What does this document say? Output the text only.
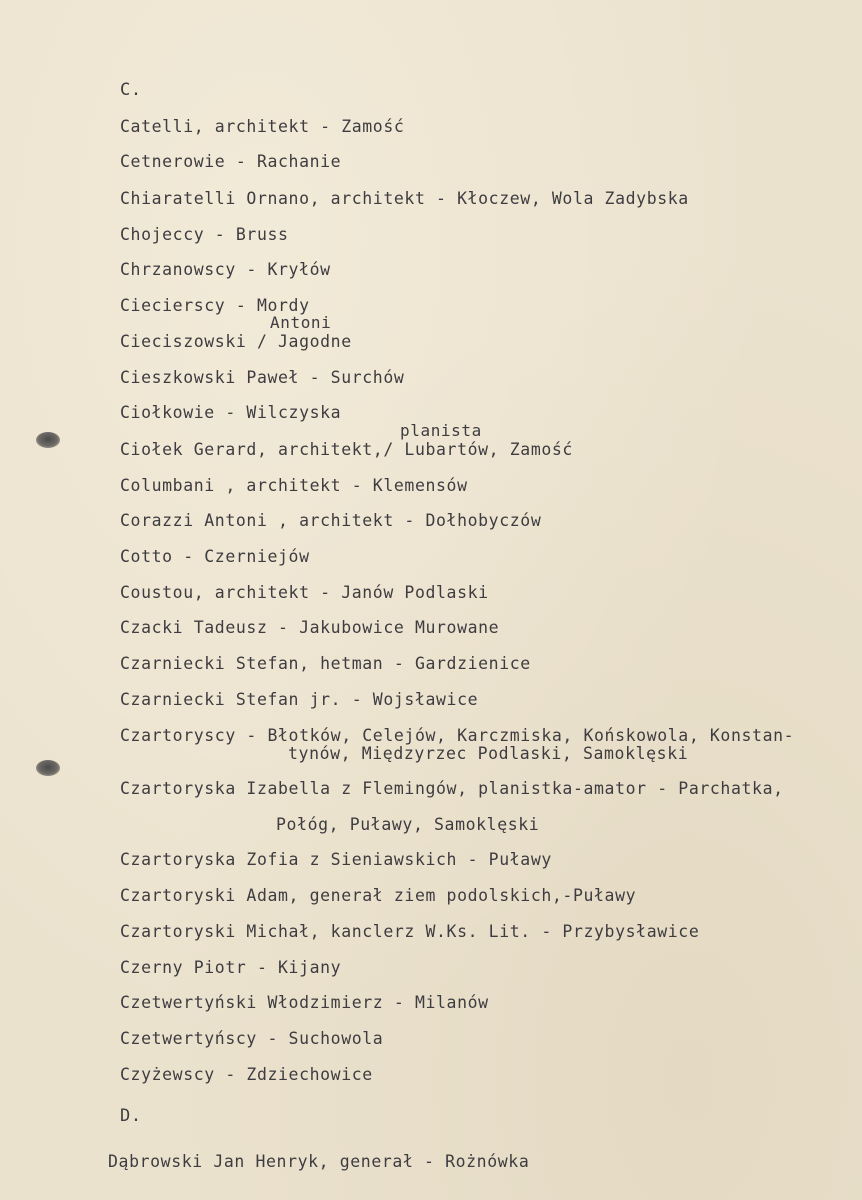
C.
Catelli, architekt - Zamość
Cetnerowie - Rachanie
Chiaratelli Ornano, architekt - Kłoczew, Wola Zadybska
Chojeccy - Bruss
Chrzanowscy - Kryłów
Ciecierscy - Mordy
Antoni
Cieciszowski / Jagodne
Cieszkowski Paweł - Surchów
Ciołkowie - Wilczyska
planista
Ciołek Gerard, architekt,/ Lubartów, Zamość
Columbani , architekt - Klemensów
Corazzi Antoni , architekt - Dołhobyczów
Cotto - Czerniejów
Coustou, architekt - Janów Podlaski
Czacki Tadeusz - Jakubowice Murowane
Czarniecki Stefan, hetman - Gardzienice
Czarniecki Stefan jr. - Wojsławice
Czartoryscy - Błotków, Celejów, Karczmiska, Końskowola, Konstan-
tynów, Międzyrzec Podlaski, Samoklęski
Czartoryska Izabella z Flemingów, planistka-amator - Parchatka,
Połóg, Puławy, Samoklęski
Czartoryska Zofia z Sieniawskich - Puławy
Czartoryski Adam, generał ziem podolskich,-Puławy
Czartoryski Michał, kanclerz W.Ks. Lit. - Przybysławice
Czerny Piotr - Kijany
Czetwertyński Włodzimierz - Milanów
Czetwertyńscy - Suchowola
Czyżewscy - Zdziechowice
D.
Dąbrowski Jan Henryk, generał - Rożnówka
